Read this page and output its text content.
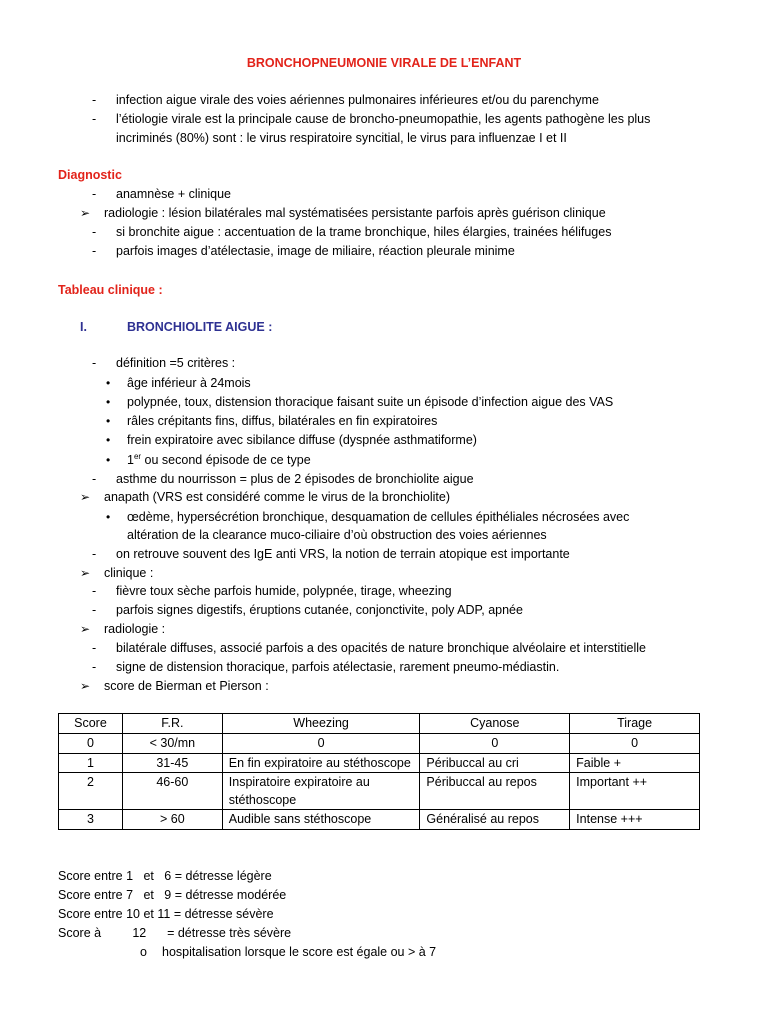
BRONCHOPNEUMONIE VIRALE DE L’ENFANT
- infection aigue virale des voies aériennes pulmonaires inférieures et/ou du parenchyme
- l’étiologie virale est la principale cause de broncho-pneumopathie, les agents pathogène les plus
incriminés (80%) sont : le virus respiratoire syncitial, le virus para influenzae I et II
Diagnostic
- anamnèse + clinique
➢ radiologie : lésion bilatérales mal systématisées persistante parfois après guérison clinique
- si bronchite aigue : accentuation de la trame bronchique, hiles élargies, trainées hélifuges
- parfois images d’atélectasie, image de miliaire, réaction pleurale minime
Tableau clinique :
I.	BRONCHIOLITE AIGUE :
- définition =5 critères :
• âge inférieur à 24mois
• polypnée, toux, distension thoracique faisant suite un épisode d’infection aigue des VAS
• râles crépitants fins, diffus, bilatérales en fin expiratoires
• frein expiratoire avec sibilance diffuse (dyspnée asthmatiforme)
• 1er ou second épisode de ce type
- asthme du nourrisson = plus de 2 épisodes de bronchiolite aigue
➢ anapath (VRS est considéré comme le virus de la bronchiolite)
• œdème, hypersécrétion bronchique, desquamation de cellules épithéliales nécrosées avec
altération de la clearance muco-ciliaire d’où obstruction des voies aériennes
- on retrouve souvent des IgE anti VRS, la notion de terrain atopique est importante
➢ clinique :
- fièvre toux sèche parfois humide, polypnée, tirage, wheezing
- parfois signes digestifs, éruptions cutanée, conjonctivite, poly ADP, apnée
➢ radiologie :
- bilatérale diffuses, associé parfois a des opacités de nature bronchique alvéolaire et interstitielle
- signe de distension thoracique, parfois atélectasie, rarement pneumo-médiastin.
➢ score de Bierman et Pierson :
Score	F.R.	Wheezing	Cyanose	Tirage
0	< 30/mn	0	0	0
1	31-45	En fin expiratoire au stéthoscope	Péribuccal au cri	Faible +
2	46-60	Inspiratoire expiratoire au stéthoscope	Péribuccal au repos	Important ++
3	> 60	Audible sans stéthoscope	Généralisé au repos	Intense +++
Score entre 1   et   6 = détresse légère
Score entre 7   et   9 = détresse modérée
Score entre 10 et 11 = détresse sévère
Score à         12      = détresse très sévère
o hospitalisation lorsque le score est égale ou > à 7
